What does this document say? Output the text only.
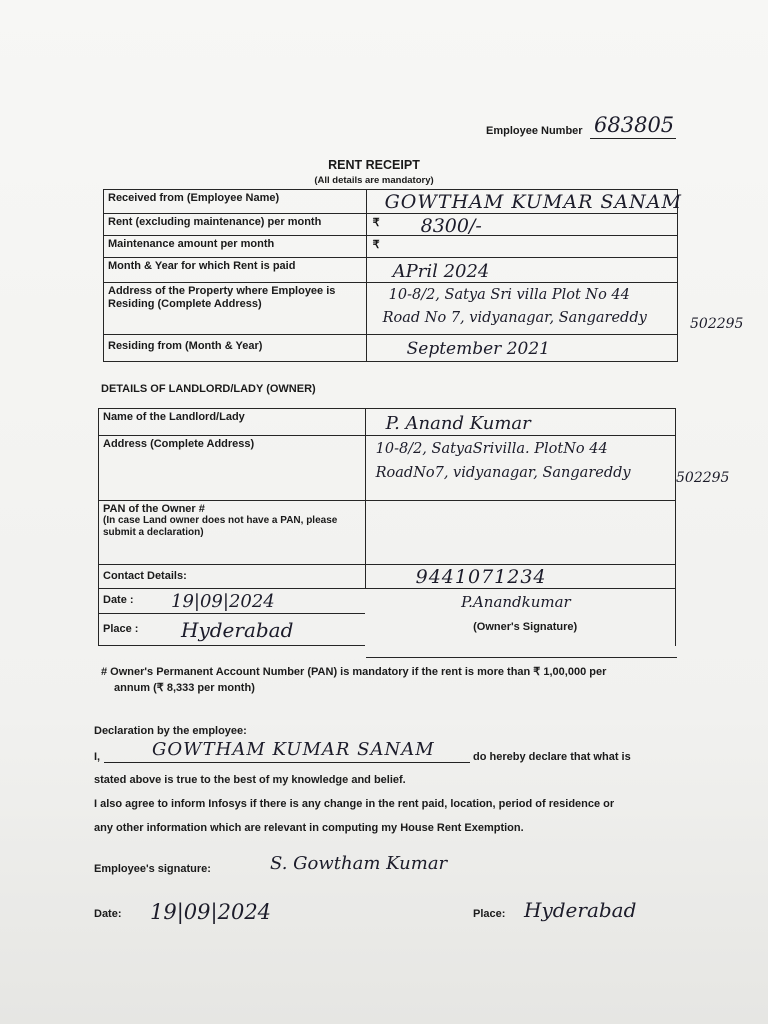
Employee Number 683805
RENT RECEIPT
(All details are mandatory)
Received from (Employee Name)	GOWTHAM KUMAR SANAM

Rent (excluding maintenance) per month	₹ 8300/-

Maintenance amount per month	₹

Month & Year for which Rent is paid	APril 2024

Address of the Property where Employee is Residing (Complete Address)	10-8/2, Satya Sri villa Plot No 44
Road No 7, vidyanagar, Sangareddy

Residing from (Month & Year)	September 2021
502295
DETAILS OF LANDLORD/LADY (OWNER)
Name of the Landlord/Lady	P. Anand Kumar

Address (Complete Address)	10-8/2, SatyaSrivilla. PlotNo 44
RoadNo7, vidyanagar, Sangareddy

PAN of the Owner #
(In case Land owner does not have a PAN, please submit a declaration)	

Contact Details:	9441071234

Date : 19|09|2024	P.Anandkumar
(Owner's Signature)

Place : Hyderabad	
502295
# Owner's Permanent Account Number (PAN) is mandatory if the rent is more than ₹ 1,00,000 per
annum (₹ 8,333 per month)
Declaration by the employee:
I,	GOWTHAM KUMAR SANAM	do hereby declare that what is
stated above is true to the best of my knowledge and belief.
I also agree to inform Infosys if there is any change in the rent paid, location, period of residence or
any other information which are relevant in computing my House Rent Exemption.
Employee's signature:	S. Gowtham Kumar
Date: 19|09|2024	Place: Hyderabad
